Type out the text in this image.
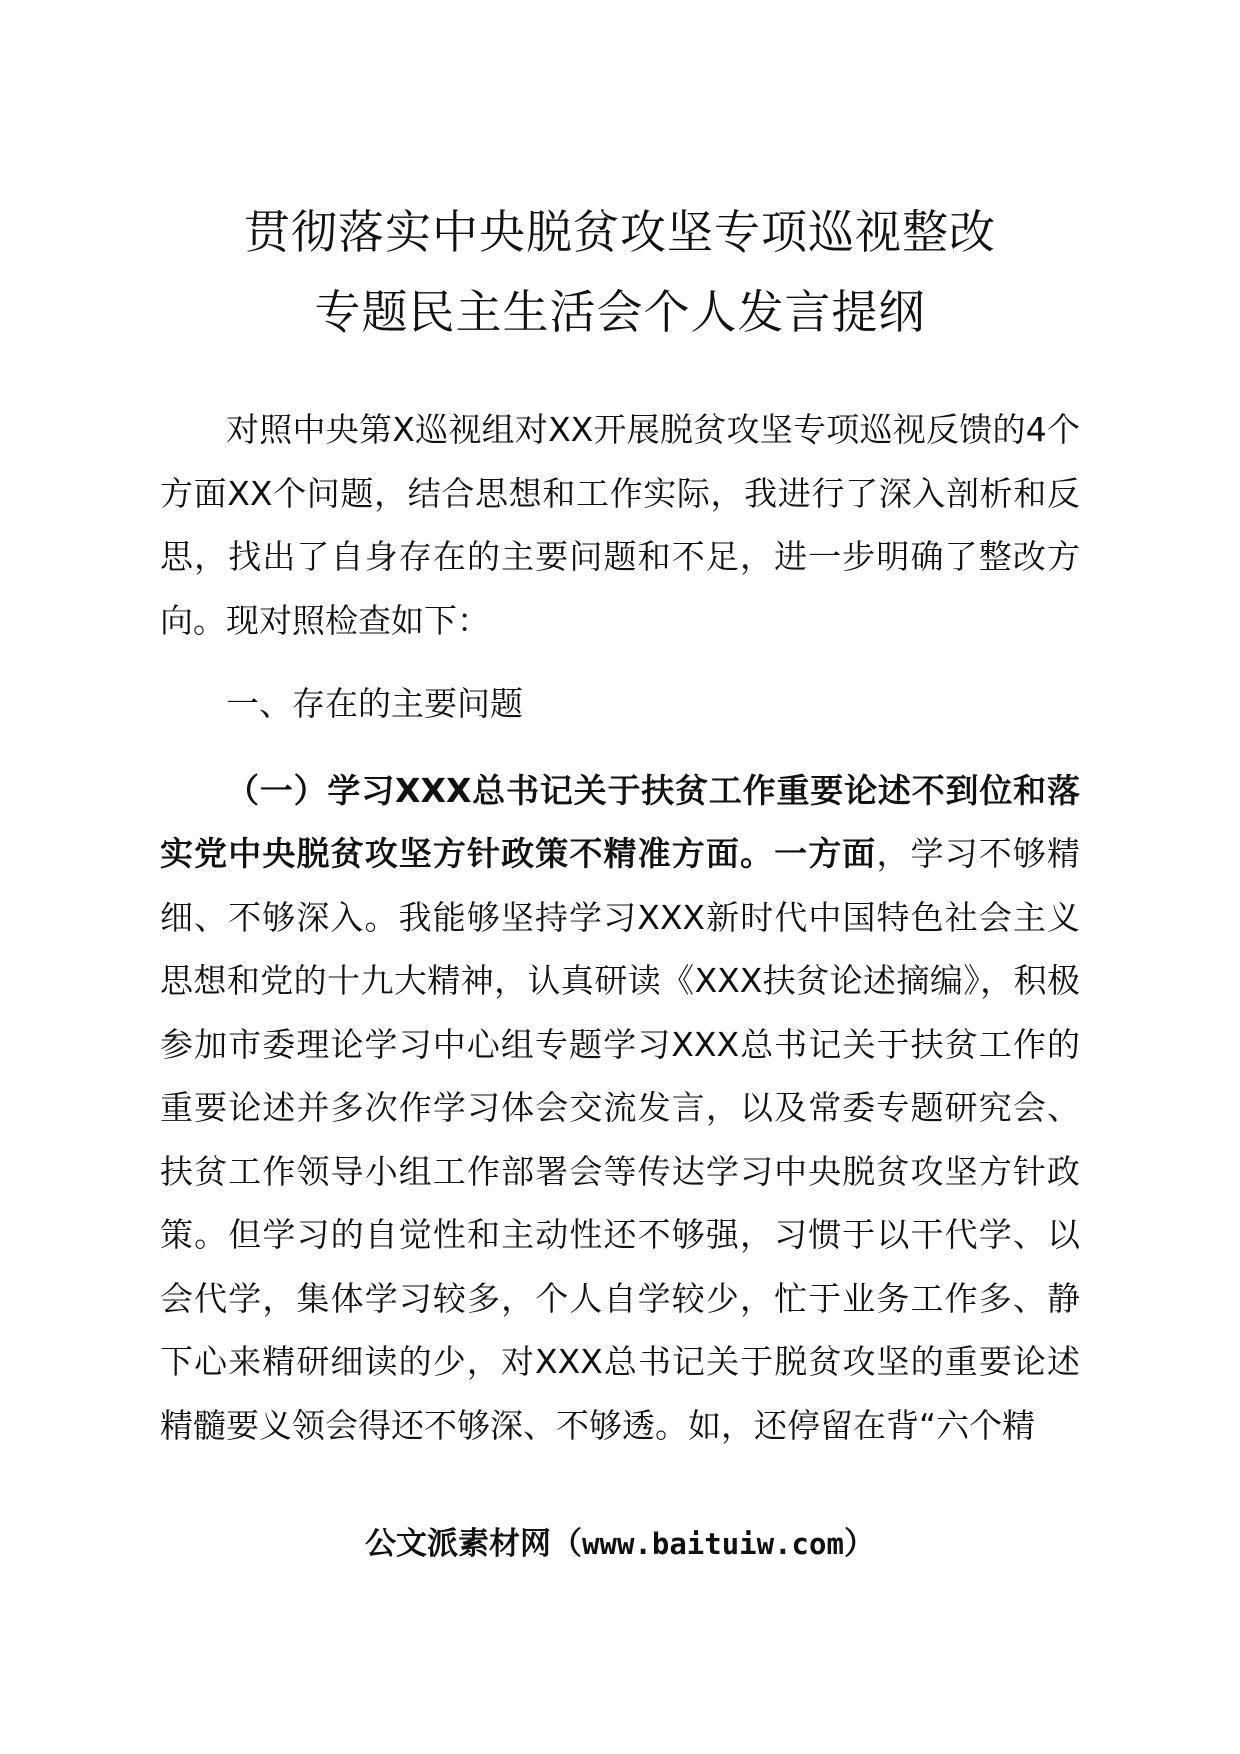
贯彻落实中央脱贫攻坚专项巡视整改
专题民主生活会个人发言提纲

对照中央第X巡视组对XX开展脱贫攻坚专项巡视反馈的4个方面XX个问题，结合思想和工作实际，我进行了深入剖析和反思，找出了自身存在的主要问题和不足，进一步明确了整改方向。现对照检查如下：

一、存在的主要问题

（一）学习XXX总书记关于扶贫工作重要论述不到位和落实党中央脱贫攻坚方针政策不精准方面。一方面，学习不够精细、不够深入。我能够坚持学习XXX新时代中国特色社会主义思想和党的十九大精神，认真研读《XXX扶贫论述摘编》，积极参加市委理论学习中心组专题学习XXX总书记关于扶贫工作的重要论述并多次作学习体会交流发言，以及常委专题研究会、扶贫工作领导小组工作部署会等传达学习中央脱贫攻坚方针政策。但学习的自觉性和主动性还不够强，习惯于以干代学、以会代学，集体学习较多，个人自学较少，忙于业务工作多、静下心来精研细读的少，对XXX总书记关于脱贫攻坚的重要论述精髓要义领会得还不够深、不够透。如，还停留在背“六个精

公文派素材网（www.baituiw.com）
